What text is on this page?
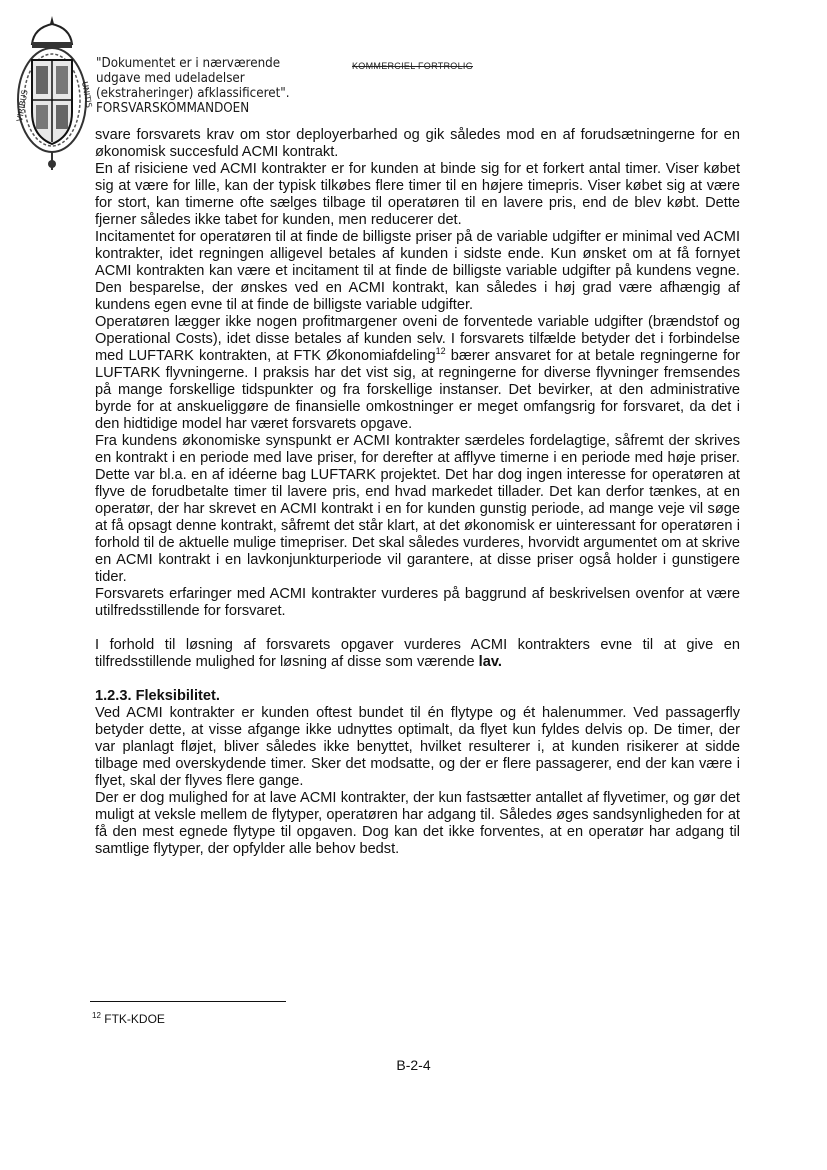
VIRIBUS	UNITIS
"Dokumentet er i nærværende
udgave med udeladelser
(ekstraheringer) afklassificeret".
FORSVARSKOMMANDOEN
KOMMERCIEL FORTROLIG

svare forsvarets krav om stor deployerbarhed og gik således mod en af forudsætningerne for en økonomisk succesfuld ACMI kontrakt.

En af risiciene ved ACMI kontrakter er for kunden at binde sig for et forkert antal timer. Viser købet sig at være for lille, kan der typisk tilkøbes flere timer til en højere timepris. Viser købet sig at være for stort, kan timerne ofte sælges tilbage til operatøren til en lavere pris, end de blev købt. Dette fjerner således ikke tabet for kunden, men reducerer det.

Incitamentet for operatøren til at finde de billigste priser på de variable udgifter er minimal ved ACMI kontrakter, idet regningen alligevel betales af kunden i sidste ende. Kun ønsket om at få fornyet ACMI kontrakten kan være et incitament til at finde de billigste variable udgifter på kundens vegne. Den besparelse, der ønskes ved en ACMI kontrakt, kan således i høj grad være afhængig af kundens egen evne til at finde de billigste variable udgifter.

Operatøren lægger ikke nogen profitmargener oveni de forventede variable udgifter (brændstof og Operational Costs), idet disse betales af kunden selv. I forsvarets tilfælde betyder det i forbindelse med LUFTARK kontrakten, at FTK Økonomiafdeling$^{12}$ bærer ansvaret for at betale regningerne for LUFTARK flyvningerne. I praksis har det vist sig, at regningerne for diverse flyvninger fremsendes på mange forskellige tidspunkter og fra forskellige instanser. Det bevirker, at den administrative byrde for at anskueliggøre de finansielle omkostninger er meget omfangsrig for forsvaret, da det i den hidtidige model har været forsvarets opgave.

Fra kundens økonomiske synspunkt er ACMI kontrakter særdeles fordelagtige, såfremt der skrives en kontrakt i en periode med lave priser, for derefter at afflyve timerne i en periode med høje priser. Dette var bl.a. en af idéerne bag LUFTARK projektet. Det har dog ingen interesse for operatøren at flyve de forudbetalte timer til lavere pris, end hvad markedet tillader. Det kan derfor tænkes, at en operatør, der har skrevet en ACMI kontrakt i en for kunden gunstig periode, ad mange veje vil søge at få opsagt denne kontrakt, såfremt det står klart, at det økonomisk er uinteressant for operatøren i forhold til de aktuelle mulige timepriser. Det skal således vurderes, hvorvidt argumentet om at skrive en ACMI kontrakt i en lavkonjunkturperiode vil garantere, at disse priser også holder i gunstigere tider.

Forsvarets erfaringer med ACMI kontrakter vurderes på baggrund af beskrivelsen ovenfor at være utilfredsstillende for forsvaret.

I forhold til løsning af forsvarets opgaver vurderes ACMI kontrakters evne til at give en tilfredsstillende mulighed for løsning af disse som værende lav.

1.2.3. Fleksibilitet.

Ved ACMI kontrakter er kunden oftest bundet til én flytype og ét halenummer. Ved passagerfly betyder dette, at visse afgange ikke udnyttes optimalt, da flyet kun fyldes delvis op. De timer, der var planlagt fløjet, bliver således ikke benyttet, hvilket resulterer i, at kunden risikerer at sidde tilbage med overskydende timer. Sker det modsatte, og der er flere passagerer, end der kan være i flyet, skal der flyves flere gange.

Der er dog mulighed for at lave ACMI kontrakter, der kun fastsætter antallet af flyvetimer, og gør det muligt at veksle mellem de flytyper, operatøren har adgang til. Således øges sandsynligheden for at få den mest egnede flytype til opgaven. Dog kan det ikke forventes, at en operatør har adgang til samtlige flytyper, der opfylder alle behov bedst.

$^{12}$ FTK-KDOE
B-2-4
